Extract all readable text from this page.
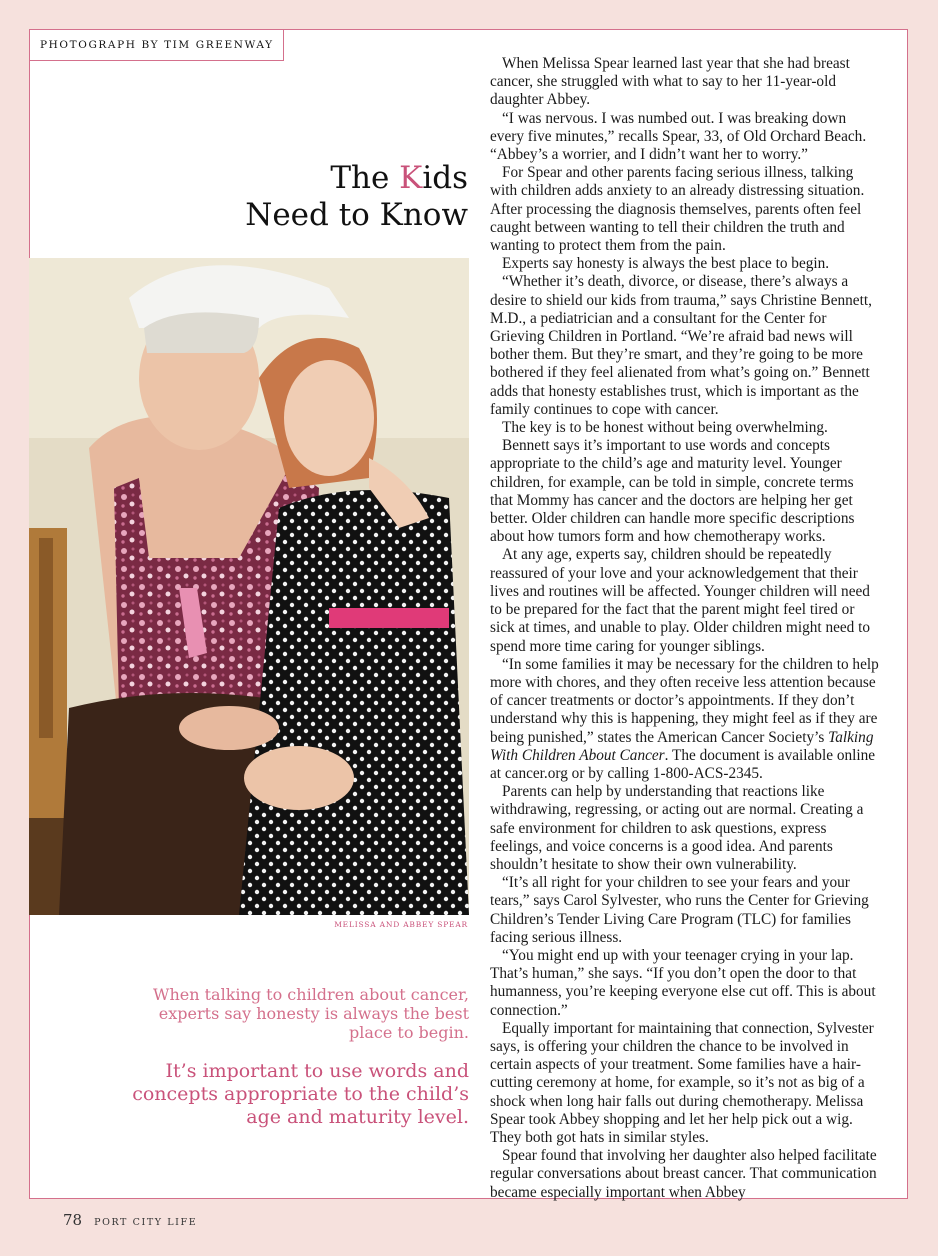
PHOTOGRAPH BY TIM GREENWAY
The Kids
Need to Know
MELISSA AND ABBEY SPEAR
When talking to children about cancer, experts say honesty is always the best place to begin.
It’s important to use words and concepts appropriate to the child’s age and maturity level.

When Melissa Spear learned last year that she had breast cancer, she struggled with what to say to her 11-year-old daughter Abbey.

“I was nervous. I was numbed out. I was breaking down every five minutes,” recalls Spear, 33, of Old Orchard Beach. “Abbey’s a worrier, and I didn’t want her to worry.”

For Spear and other parents facing serious illness, talking with children adds anxiety to an already distressing situation. After processing the diagnosis themselves, parents often feel caught between wanting to tell their children the truth and wanting to protect them from the pain.

Experts say honesty is always the best place to begin.

“Whether it’s death, divorce, or disease, there’s always a desire to shield our kids from trauma,” says Christine Bennett, M.D., a pediatrician and a consultant for the Center for Grieving Children in Portland. “We’re afraid bad news will bother them. But they’re smart, and they’re going to be more bothered if they feel alienated from what’s going on.” Bennett adds that honesty establishes trust, which is important as the family continues to cope with cancer.

The key is to be honest without being overwhelming.

Bennett says it’s important to use words and concepts appropriate to the child’s age and maturity level. Younger children, for example, can be told in simple, concrete terms that Mommy has cancer and the doctors are helping her get better. Older children can handle more specific descriptions about how tumors form and how chemotherapy works.

At any age, experts say, children should be repeatedly reassured of your love and your acknowledgement that their lives and routines will be affected. Younger children will need to be prepared for the fact that the parent might feel tired or sick at times, and unable to play. Older children might need to spend more time caring for younger siblings.

“In some families it may be necessary for the children to help more with chores, and they often receive less attention because of cancer treatments or doctor’s appointments. If they don’t understand why this is happening, they might feel as if they are being punished,” states the American Cancer Society’s Talking With Children About Cancer. The document is available online at cancer.org or by calling 1-800-ACS-2345.

Parents can help by understanding that reactions like withdrawing, regressing, or acting out are normal. Creating a safe environment for children to ask questions, express feelings, and voice concerns is a good idea. And parents shouldn’t hesitate to show their own vulnerability.

“It’s all right for your children to see your fears and your tears,” says Carol Sylvester, who runs the Center for Grieving Children’s Tender Living Care Program (TLC) for families facing serious illness.

“You might end up with your teenager crying in your lap. That’s human,” she says. “If you don’t open the door to that humanness, you’re keeping everyone else cut off. This is about connection.”

Equally important for maintaining that connection, Sylvester says, is offering your children the chance to be involved in certain aspects of your treatment. Some families have a hair-cutting ceremony at home, for example, so it’s not as big of a shock when long hair falls out during chemotherapy. Melissa Spear took Abbey shopping and let her help pick out a wig. They both got hats in similar styles.

Spear found that involving her daughter also helped facilitate regular conversations about breast cancer. That communication became especially important when Abbey

78 PORT CITY LIFE
